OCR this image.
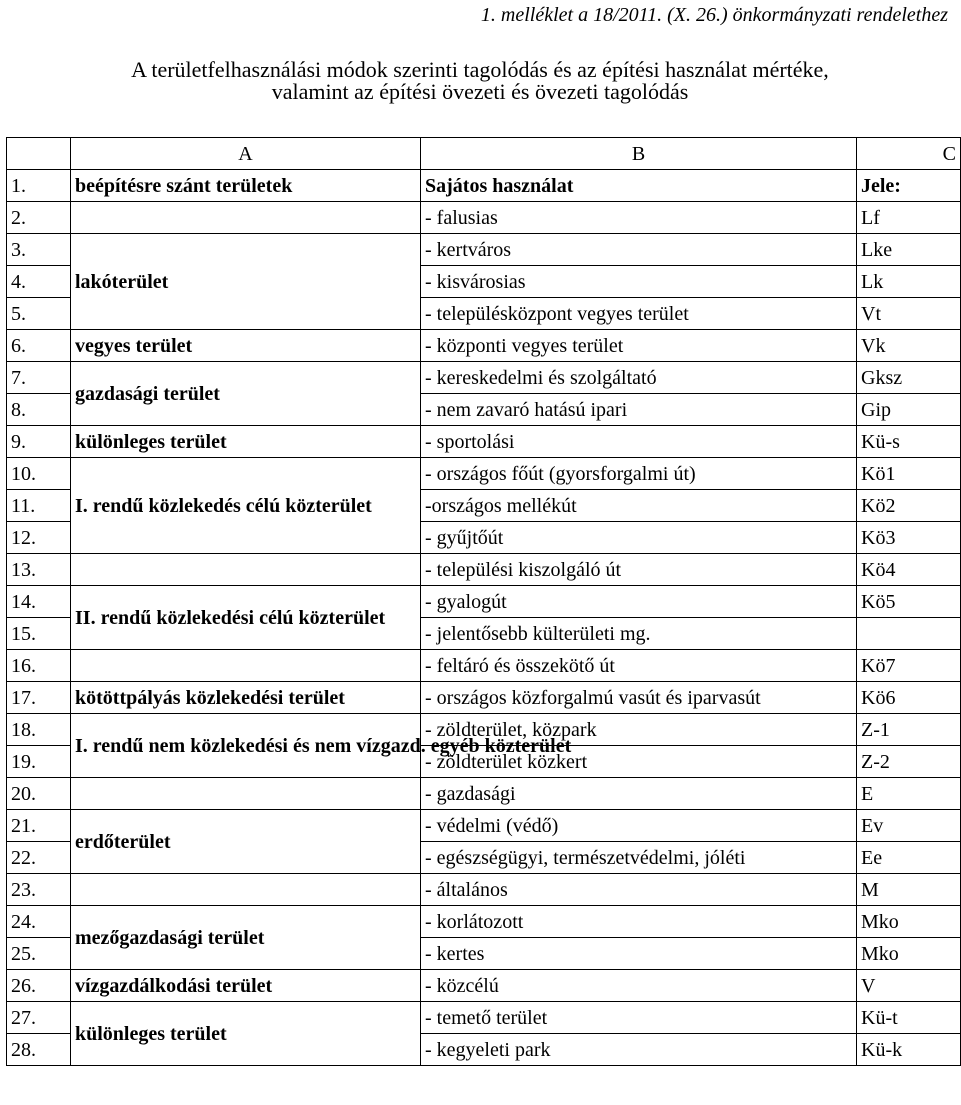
1. melléklet a 18/2011. (X. 26.) önkormányzati rendelethez
A területfelhasználási módok szerinti tagolódás és az építési használat mértéke,
valamint az építési övezeti és övezeti tagolódás
	A	B	C
1.	beépítésre szánt területek	Sajátos használat	Jele:
2.		- falusias	Lf
3.	lakóterület	- kertváros	Lke
4.		- kisvárosias	Lk
5.		- településközpont vegyes terület	Vt
6.	vegyes terület	- központi vegyes terület	Vk
7.	gazdasági terület	- kereskedelmi és szolgáltató	Gksz
8.		- nem zavaró hatású ipari	Gip
9.	különleges terület	- sportolási	Kü-s
10.	I. rendű közlekedés célú közterület	- országos főút (gyorsforgalmi út)	Kö1
11.		-országos mellékút	Kö2
12.		- gyűjtőút	Kö3
13.		- települési kiszolgáló út	Kö4
14.	II. rendű közlekedési célú közterület	- gyalogút	Kö5
15.		- jelentősebb külterületi mg.	
16.		- feltáró és összekötő út	Kö7
17.	kötöttpályás közlekedési terület	- országos közforgalmú vasút és iparvasút	Kö6
18.	I. rendű nem közlekedési és nem vízgazd. egyéb közterület	- zöldterület, közpark	Z-1
19.		- zöldterület közkert	Z-2
20.		- gazdasági	E
21.	erdőterület	- védelmi (védő)	Ev
22.		- egészségügyi, természetvédelmi, jóléti	Ee
23.		- általános	M
24.	mezőgazdasági terület	- korlátozott	Mko
25.		- kertes	Mko
26.	vízgazdálkodási terület	- közcélú	V
27.	különleges terület	- temető terület	Kü-t
28.		- kegyeleti park	Kü-k
